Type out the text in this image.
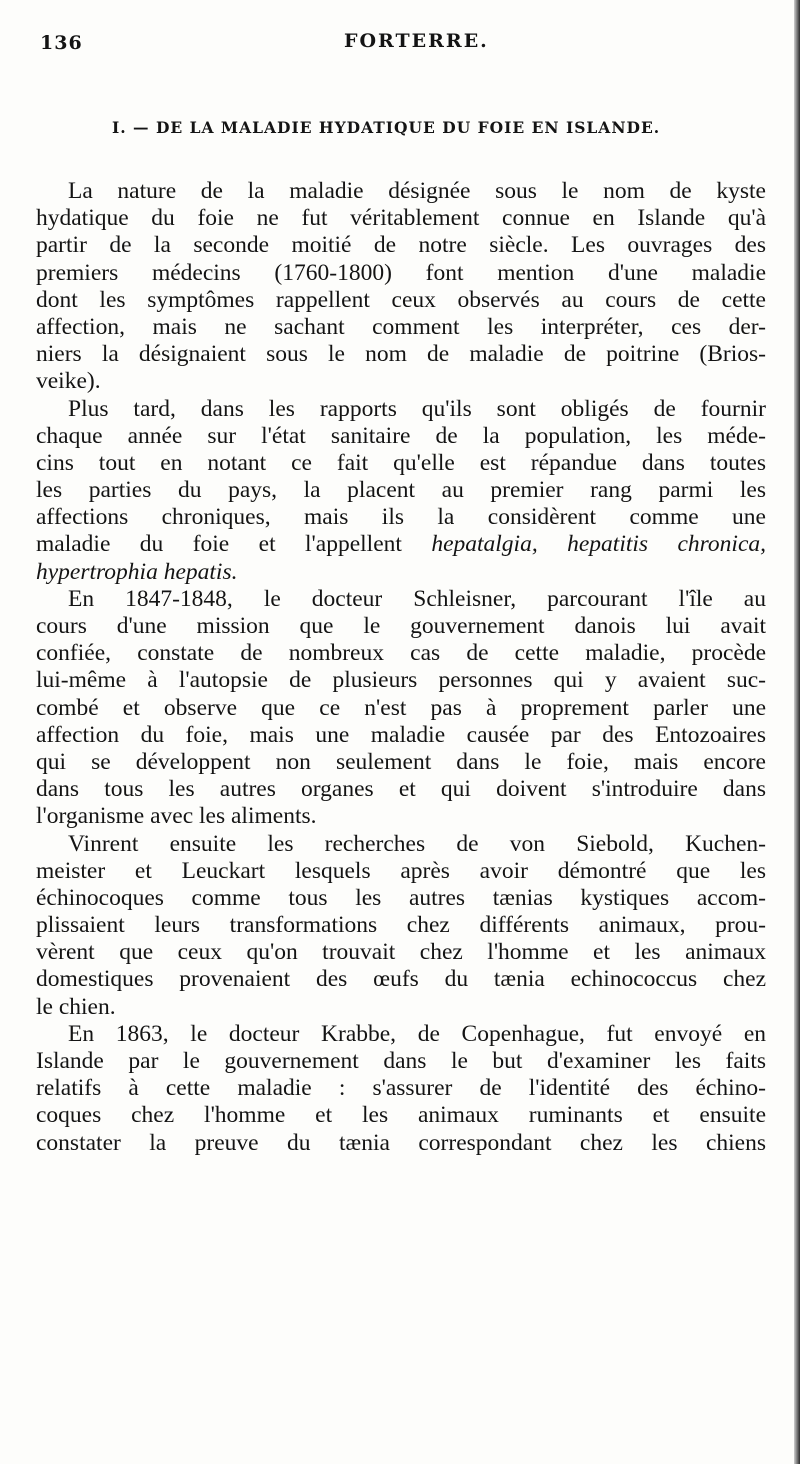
136	FORTERRE.
I. — DE LA MALADIE HYDATIQUE DU FOIE EN ISLANDE.
La nature de la maladie désignée sous le nom de kyste
hydatique du foie ne fut véritablement connue en Islande qu'à
partir de la seconde moitié de notre siècle. Les ouvrages des
premiers médecins (1760-1800) font mention d'une maladie
dont les symptômes rappellent ceux observés au cours de cette
affection, mais ne sachant comment les interpréter, ces der-
niers la désignaient sous le nom de maladie de poitrine (Brios-
veike).
Plus tard, dans les rapports qu'ils sont obligés de fournir
chaque année sur l'état sanitaire de la population, les méde-
cins tout en notant ce fait qu'elle est répandue dans toutes
les parties du pays, la placent au premier rang parmi les
affections chroniques, mais ils la considèrent comme une
maladie du foie et l'appellent hepatalgia, hepatitis chronica,
hypertrophia hepatis.
En 1847-1848, le docteur Schleisner, parcourant l'île au
cours d'une mission que le gouvernement danois lui avait
confiée, constate de nombreux cas de cette maladie, procède
lui-même à l'autopsie de plusieurs personnes qui y avaient suc-
combé et observe que ce n'est pas à proprement parler une
affection du foie, mais une maladie causée par des Entozoaires
qui se développent non seulement dans le foie, mais encore
dans tous les autres organes et qui doivent s'introduire dans
l'organisme avec les aliments.
Vinrent ensuite les recherches de von Siebold, Kuchen-
meister et Leuckart lesquels après avoir démontré que les
échinocoques comme tous les autres tænias kystiques accom-
plissaient leurs transformations chez différents animaux, prou-
vèrent que ceux qu'on trouvait chez l'homme et les animaux
domestiques provenaient des œufs du tænia echinococcus chez
le chien.
En 1863, le docteur Krabbe, de Copenhague, fut envoyé en
Islande par le gouvernement dans le but d'examiner les faits
relatifs à cette maladie : s'assurer de l'identité des échino-
coques chez l'homme et les animaux ruminants et ensuite
constater la preuve du tænia correspondant chez les chiens
